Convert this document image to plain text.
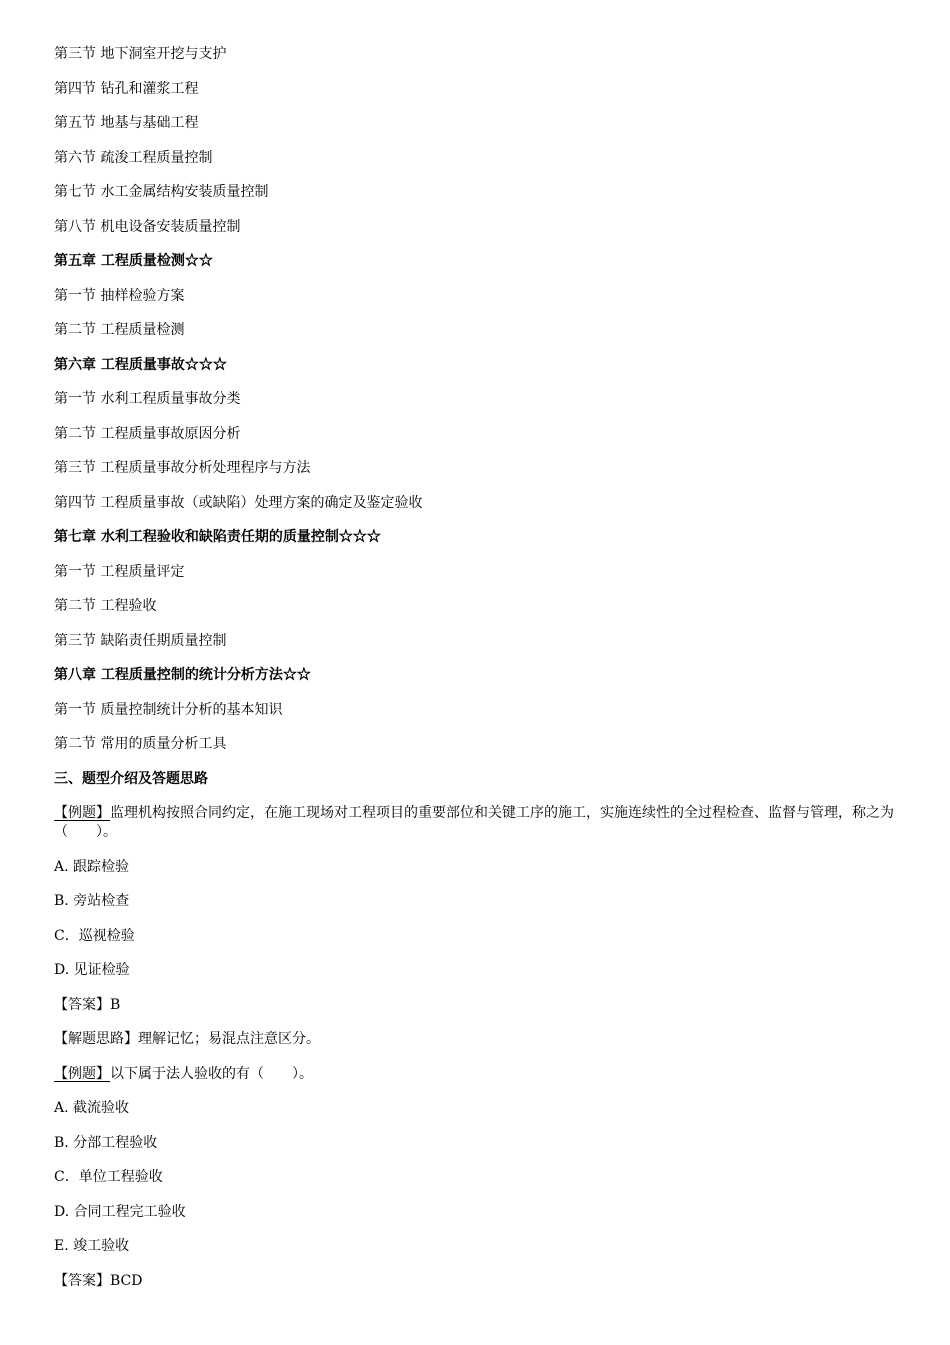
第三节 地下洞室开挖与支护
第四节 钻孔和灌浆工程
第五节 地基与基础工程
第六节 疏浚工程质量控制
第七节 水工金属结构安装质量控制
第八节 机电设备安装质量控制
第五章 工程质量检测☆☆
第一节 抽样检验方案
第二节 工程质量检测
第六章 工程质量事故☆☆☆
第一节 水利工程质量事故分类
第二节 工程质量事故原因分析
第三节 工程质量事故分析处理程序与方法
第四节 工程质量事故（或缺陷）处理方案的确定及鉴定验收
第七章 水利工程验收和缺陷责任期的质量控制☆☆☆
第一节 工程质量评定
第二节 工程验收
第三节 缺陷责任期质量控制
第八章 工程质量控制的统计分析方法☆☆
第一节 质量控制统计分析的基本知识
第二节 常用的质量分析工具
三、题型介绍及答题思路
【例题】监理机构按照合同约定，在施工现场对工程项目的重要部位和关键工序的施工，实施连续性的全过程检查、监督与管理，称之为（　　）。
A. 跟踪检验
B. 旁站检查
C．巡视检验
D. 见证检验
【答案】B
【解题思路】理解记忆；易混点注意区分。
【例题】以下属于法人验收的有（　　）。
A. 截流验收
B. 分部工程验收
C．单位工程验收
D. 合同工程完工验收
E. 竣工验收
【答案】BCD
